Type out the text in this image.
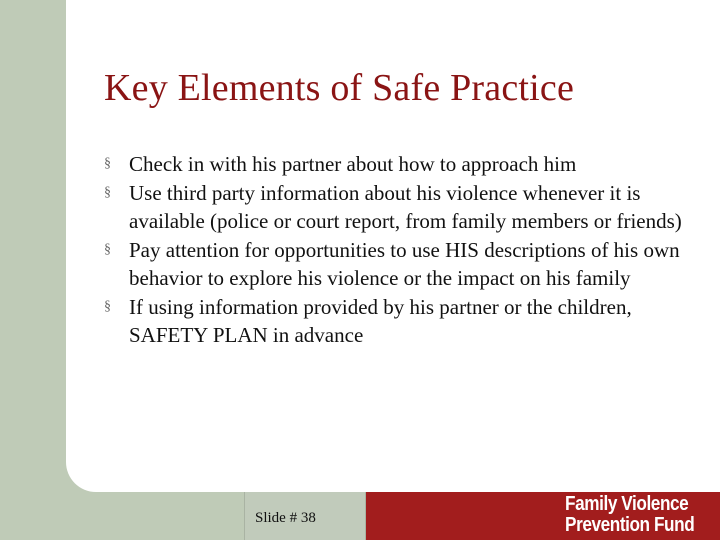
Key Elements of Safe Practice
§ Check in with his partner about how to approach him
§ Use third party information about his violence whenever it is available (police or court report, from family members or friends)
§ Pay attention for opportunities to use HIS descriptions of his own behavior to explore his violence or the impact on his family
§ If using information provided by his partner or the children, SAFETY PLAN in advance
Slide # 38
Family Violence
Prevention Fund
